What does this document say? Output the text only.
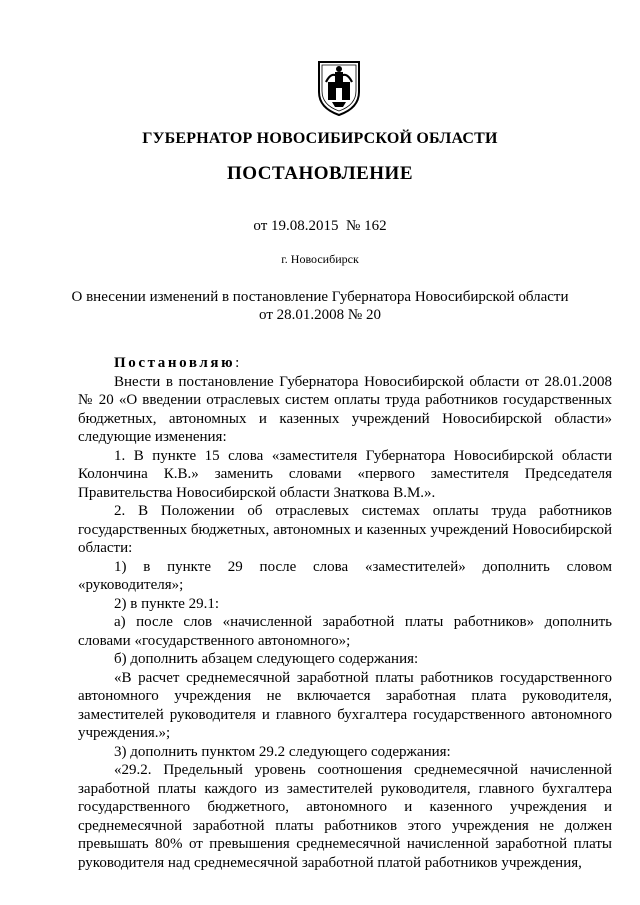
ГУБЕРНАТОР НОВОСИБИРСКОЙ ОБЛАСТИ
ПОСТАНОВЛЕНИЕ
от 19.08.2015  № 162
г. Новосибирск
О внесении изменений в постановление Губернатора Новосибирской области
от 28.01.2008 № 20

Постановляю:

Внести в постановление Губернатора Новосибирской области от 28.01.2008 № 20 «О введении отраслевых систем оплаты труда работников государственных бюджетных, автономных и казенных учреждений Новосибирской области» следующие изменения:

1. В пункте 15 слова «заместителя Губернатора Новосибирской области Колончина К.В.» заменить словами «первого заместителя Председателя Правительства Новосибирской области Знаткова В.М.».

2. В Положении об отраслевых системах оплаты труда работников государственных бюджетных, автономных и казенных учреждений Новосибирской области:

1) в пункте 29 после слова «заместителей» дополнить словом «руководителя»;

2) в пункте 29.1:

а) после слов «начисленной заработной платы работников» дополнить словами «государственного автономного»;

б) дополнить абзацем следующего содержания:

«В расчет среднемесячной заработной платы работников государственного автономного учреждения не включается заработная плата руководителя, заместителей руководителя и главного бухгалтера государственного автономного учреждения.»;

3) дополнить пунктом 29.2 следующего содержания:

«29.2. Предельный уровень соотношения среднемесячной начисленной заработной платы каждого из заместителей руководителя, главного бухгалтера государственного бюджетного, автономного и казенного учреждения и среднемесячной заработной платы работников этого учреждения не должен превышать 80% от превышения среднемесячной начисленной заработной платы руководителя над среднемесячной заработной платой работников учреждения,
